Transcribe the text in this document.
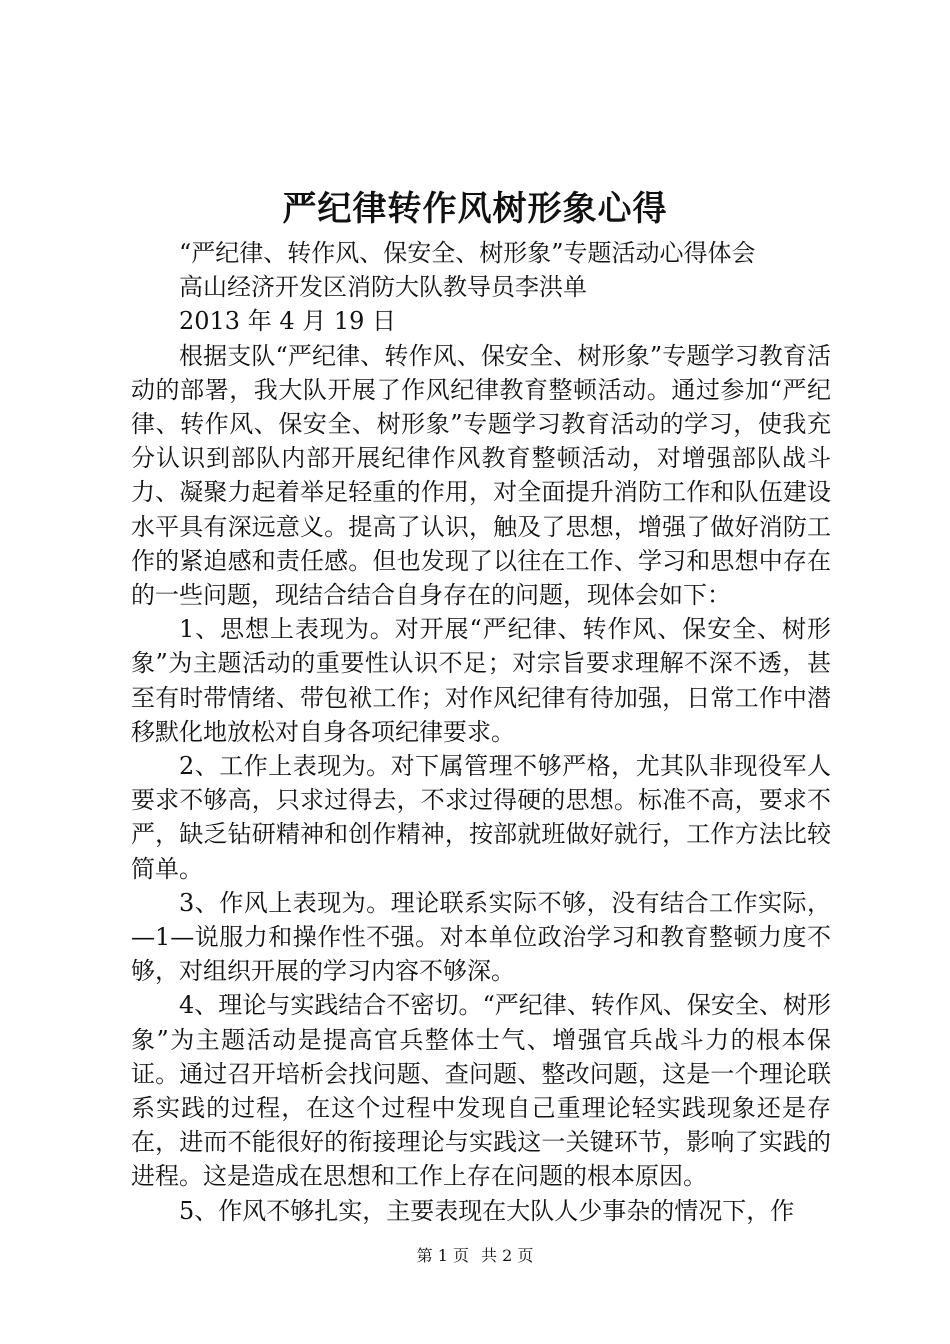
严纪律转作风树形象心得

“严纪律、转作风、保安全、树形象”专题活动心得体会

高山经济开发区消防大队教导员李洪单

2013 年 4 月 19 日

根据支队“严纪律、转作风、保安全、树形象”专题学习教育活动的部署，我大队开展了作风纪律教育整顿活动。通过参加“严纪律、转作风、保安全、树形象”专题学习教育活动的学习，使我充分认识到部队内部开展纪律作风教育整顿活动，对增强部队战斗力、凝聚力起着举足轻重的作用，对全面提升消防工作和队伍建设水平具有深远意义。提高了认识，触及了思想，增强了做好消防工作的紧迫感和责任感。但也发现了以往在工作、学习和思想中存在的一些问题，现结合结合自身存在的问题，现体会如下：

1、思想上表现为。对开展“严纪律、转作风、保安全、树形象”为主题活动的重要性认识不足；对宗旨要求理解不深不透，甚至有时带情绪、带包袱工作；对作风纪律有待加强，日常工作中潜移默化地放松对自身各项纪律要求。

2、工作上表现为。对下属管理不够严格，尤其队非现役军人要求不够高，只求过得去，不求过得硬的思想。标准不高，要求不严，缺乏钻研精神和创作精神，按部就班做好就行，工作方法比较简单。

3、作风上表现为。理论联系实际不够，没有结合工作实际，—1—说服力和操作性不强。对本单位政治学习和教育整顿力度不够，对组织开展的学习内容不够深。

4、理论与实践结合不密切。“严纪律、转作风、保安全、树形象”为主题活动是提高官兵整体士气、增强官兵战斗力的根本保证。通过召开培析会找问题、查问题、整改问题，这是一个理论联系实践的过程，在这个过程中发现自己重理论轻实践现象还是存在，进而不能很好的衔接理论与实践这一关键环节，影响了实践的进程。这是造成在思想和工作上存在问题的根本原因。

5、作风不够扎实，主要表现在大队人少事杂的情况下，作

第 1 页 共 2 页
